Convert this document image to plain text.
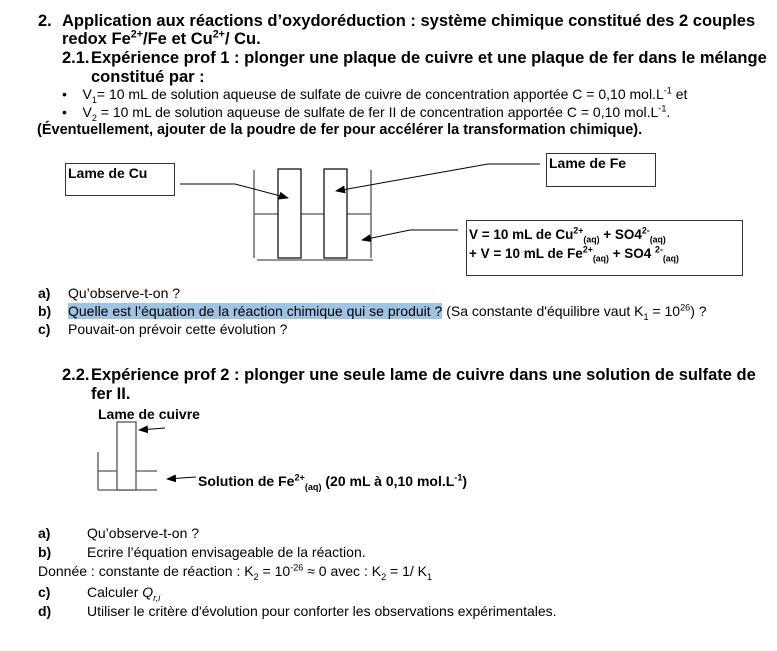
2. Application aux réactions d’oxydoréduction : système chimique constitué des 2 couples
redox $Fe^{2+}/Fe$ et $Cu^{2+}/$ Cu.
2.1. Expérience prof 1 : plonger une plaque de cuivre et une plaque de fer dans le mélange
constitué par :
•    $V_1= 10$ mL de solution aqueuse de sulfate de cuivre de concentration apportée C = 0,10 $mol.L^{-1}$ et
•    $V_2 = 10$ mL de solution aqueuse de sulfate de fer II de concentration apportée C = 0,10 $mol.L^{-1}$.
(Éventuellement, ajouter de la poudre de fer pour accélérer la transformation chimique).
Lame de Cu
Lame de Fe
V = 10 mL de $Cu^{2+}_{(aq)} + SO4^{2-}_{(aq)}$
+ V = 10 mL de $Fe^{2+}_{(aq)} + SO4$ $^{2-}_{(aq)}$
a) Qu’observe-t-on ?
b) Quelle est l’équation de la réaction chimique qui se produit ? (Sa constante d'équilibre vaut $K_1 = 10^{26}$) ?
c) Pouvait-on prévoir cette évolution ?
2.2. Expérience prof 2 : plonger une seule lame de cuivre dans une solution de sulfate de
fer II.
Lame de cuivre
Solution de $Fe^{2+}_{(aq)}$ (20 mL à 0,10 $mol.L^{-1}$)
a)	Qu’observe-t-on ?
b)	Ecrire l’équation envisageable de la réaction.
Donnée : constante de réaction : $K_2 = 10^{-26} \approx 0$ avec : $K_2 = 1/$ $K_1$
c)	Calculer $Q_{r,i}$
d)	Utiliser le critère d'évolution pour conforter les observations expérimentales.
